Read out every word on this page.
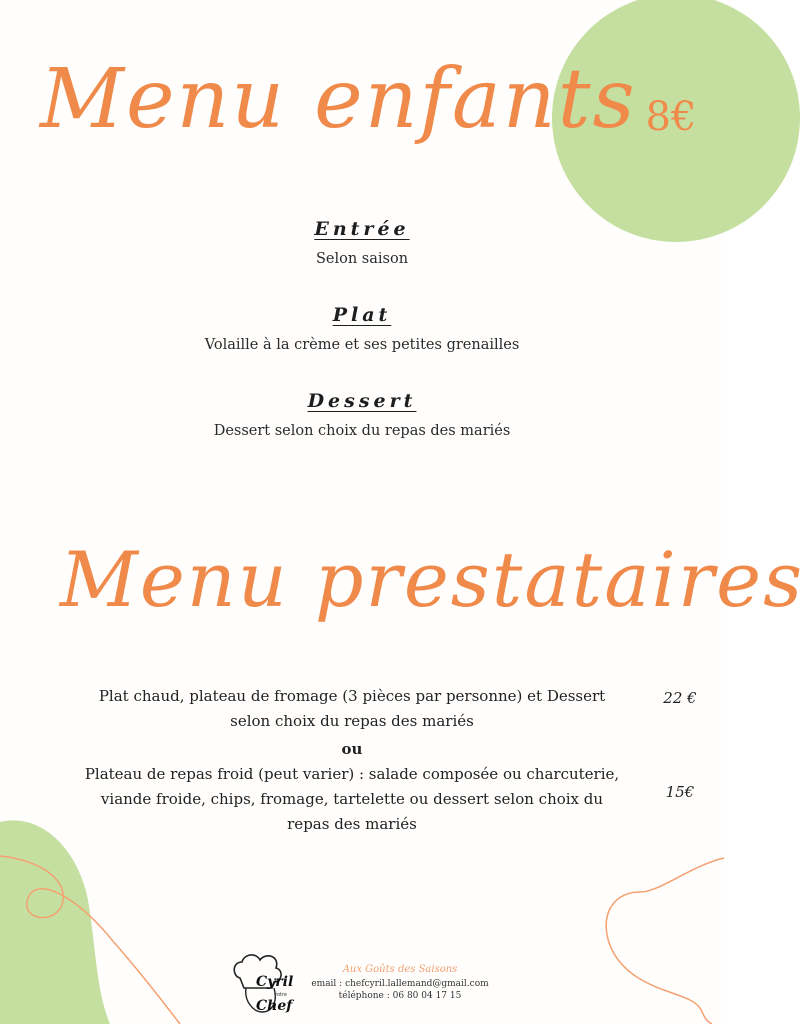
Menu enfants 8€
Entrée
Selon saison
Plat
Volaille à la crème et ses petites grenailles
Dessert
Dessert selon choix du repas des mariés
Menu prestataires
Plat chaud, plateau de fromage (3 pièces par personne) et Dessert
selon choix du repas des mariés
22 €
ou
Plateau de repas froid (peut varier) : salade composée ou charcuterie,
viande froide, chips, fromage, tartelette ou dessert selon choix du
repas des mariés
15€
Cyril
votre
Chef
Aux Goûts des Saisons
email : chefcyril.lallemand@gmail.com
téléphone : 06 80 04 17 15
